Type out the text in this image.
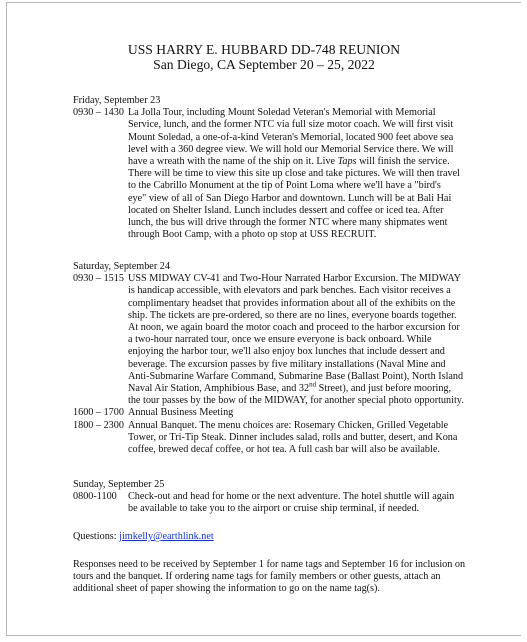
USS HARRY E. HUBBARD DD-748 REUNION
San Diego, CA September 20 – 25, 2022
Friday, September 23
0930 – 1430 La Jolla Tour, including Mount Soledad Veteran's Memorial with Memorial
Service, lunch, and the former NTC via full size motor coach. We will first visit
Mount Soledad, a one-of-a-kind Veteran's Memorial, located 900 feet above sea
level with a 360 degree view. We will hold our Memorial Service there. We will
have a wreath with the name of the ship on it. Live Taps will finish the service.
There will be time to view this site up close and take pictures. We will then travel
to the Cabrillo Monument at the tip of Point Loma where we'll have a "bird's
eye" view of all of San Diego Harbor and downtown. Lunch will be at Bali Hai
located on Shelter Island. Lunch includes dessert and coffee or iced tea. After
lunch, the bus will drive through the former NTC where many shipmates went
through Boot Camp, with a photo op stop at USS RECRUIT.
Saturday, September 24
0930 – 1515 USS MIDWAY CV-41 and Two-Hour Narrated Harbor Excursion. The MIDWAY
is handicap accessible, with elevators and park benches. Each visitor receives a
complimentary headset that provides information about all of the exhibits on the
ship. The tickets are pre-ordered, so there are no lines, everyone boards together.
At noon, we again board the motor coach and proceed to the harbor excursion for
a two-hour narrated tour, once we ensure everyone is back onboard. While
enjoying the harbor tour, we'll also enjoy box lunches that include dessert and
beverage. The excursion passes by five military installations (Naval Mine and
Anti-Submarine Warfare Command, Submarine Base (Ballast Point), North Island
Naval Air Station, Amphibious Base, and 32nd Street), and just before mooring,
the tour passes by the bow of the MIDWAY, for another special photo opportunity.
1600 – 1700 Annual Business Meeting
1800 – 2300 Annual Banquet. The menu choices are: Rosemary Chicken, Grilled Vegetable
Tower, or Tri-Tip Steak. Dinner includes salad, rolls and butter, desert, and Kona
coffee, brewed decaf coffee, or hot tea. A full cash bar will also be available.
Sunday, September 25
0800-1100	Check-out and head for home or the next adventure. The hotel shuttle will again
be available to take you to the airport or cruise ship terminal, if needed.
Questions: jimkelly@earthlink.net
Responses need to be received by September 1 for name tags and September 16 for inclusion on
tours and the banquet. If ordering name tags for family members or other guests, attach an
additional sheet of paper showing the information to go on the name tag(s).
